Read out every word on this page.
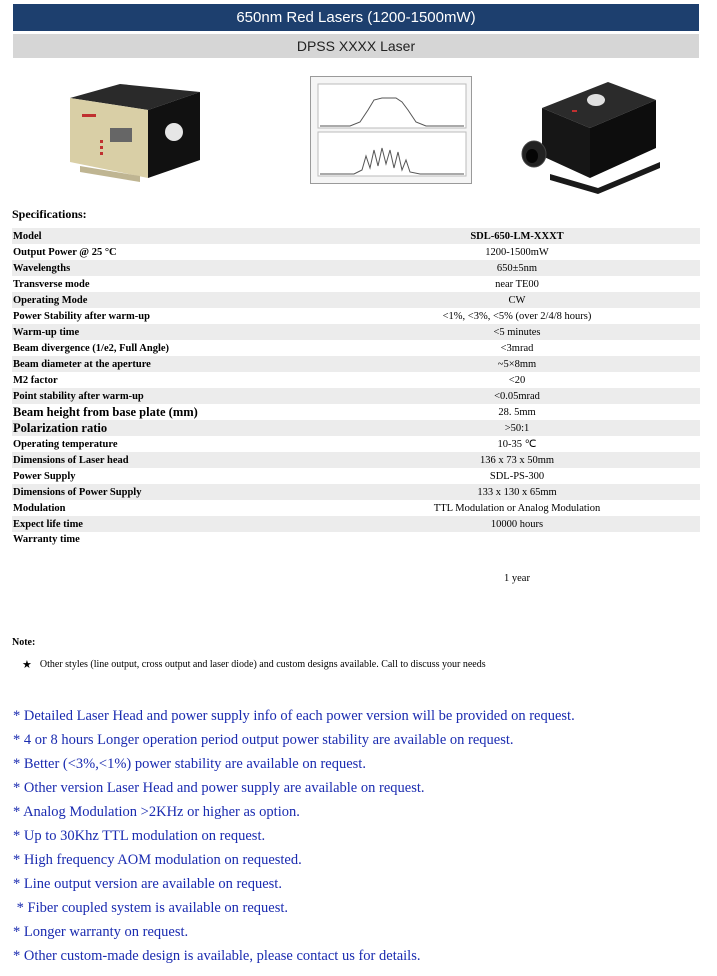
650nm Red Lasers (1200-1500mW)
DPSS XXXX Laser
Specifications:
Model	SDL-650-LM-XXXT
Output Power @ 25 °C	1200-1500mW
Wavelengths	650±5nm
Transverse mode	near TE00
Operating Mode	CW
Power Stability after warm-up	<1%, <3%, <5% (over 2/4/8 hours)
Warm-up time	<5 minutes
Beam divergence (1/e2, Full Angle)	<3mrad
Beam diameter at the aperture	~5×8mm
M2 factor	<20
Point stability after warm-up	<0.05mrad
Beam height from base plate (mm)	28. 5mm
Polarization ratio	>50:1
Operating temperature	10-35 ℃
Dimensions of Laser head	136 x 73 x 50mm
Power Supply	SDL-PS-300
Dimensions of Power Supply	133 x 130 x 65mm
Modulation	TTL Modulation or Analog Modulation
Expect life time	10000 hours
Warranty time	1 year
Note:
★ Other styles (line output, cross output and laser diode) and custom designs available. Call to discuss your needs
* Detailed Laser Head and power supply info of each power version will be provided on request.
* 4 or 8 hours Longer operation period output power stability are available on request.
* Better (<3%,<1%) power stability are available on request.
* Other version Laser Head and power supply are available on request.
* Analog Modulation >2KHz or higher as option.
* Up to 30Khz TTL modulation on request.
* High frequency AOM modulation on requested.
* Line output version are available on request.
* Fiber coupled system is available on request.
* Longer warranty on request.
* Other custom-made design is available, please contact us for details.
